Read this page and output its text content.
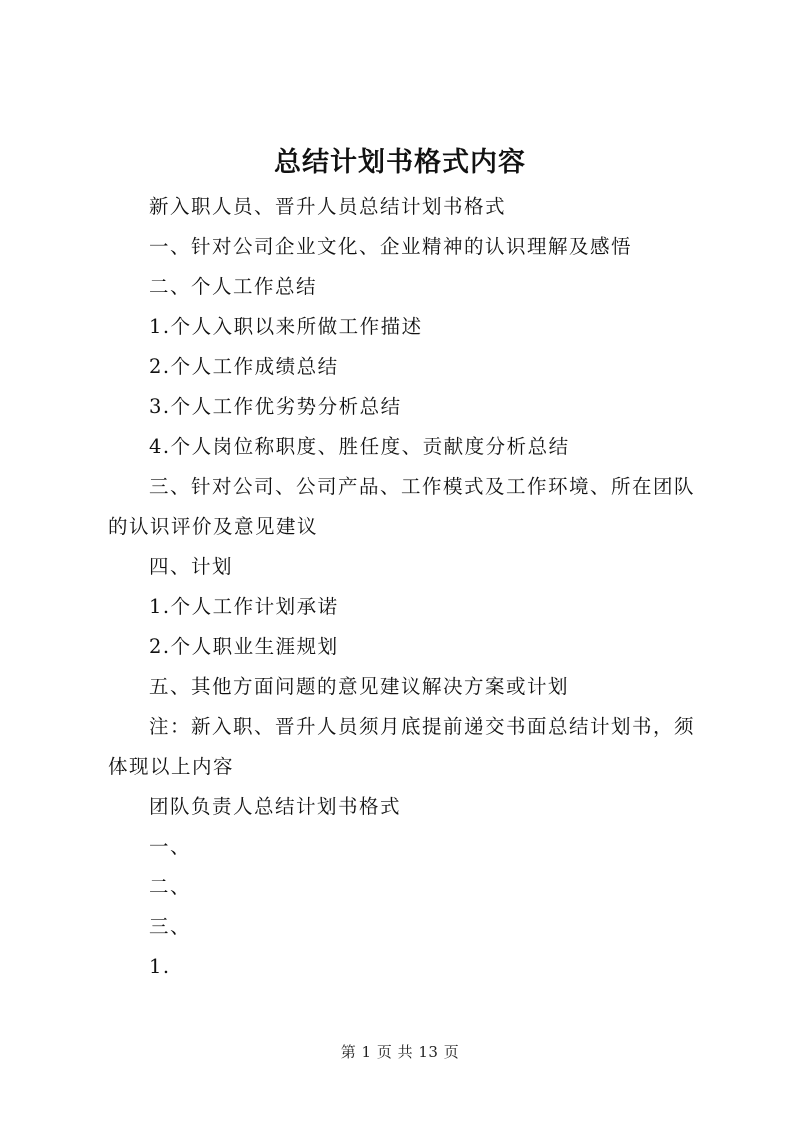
总结计划书格式内容

新入职人员、晋升人员总结计划书格式

一、针对公司企业文化、企业精神的认识理解及感悟

二、个人工作总结

1.个人入职以来所做工作描述

2.个人工作成绩总结

3.个人工作优劣势分析总结

4.个人岗位称职度、胜任度、贡献度分析总结

三、针对公司、公司产品、工作模式及工作环境、所在团队的认识评价及意见建议

四、计划

1.个人工作计划承诺

2.个人职业生涯规划

五、其他方面问题的意见建议解决方案或计划

注：新入职、晋升人员须月底提前递交书面总结计划书，须体现以上内容

团队负责人总结计划书格式

一、

二、

三、

1.

第 1 页 共 13 页
